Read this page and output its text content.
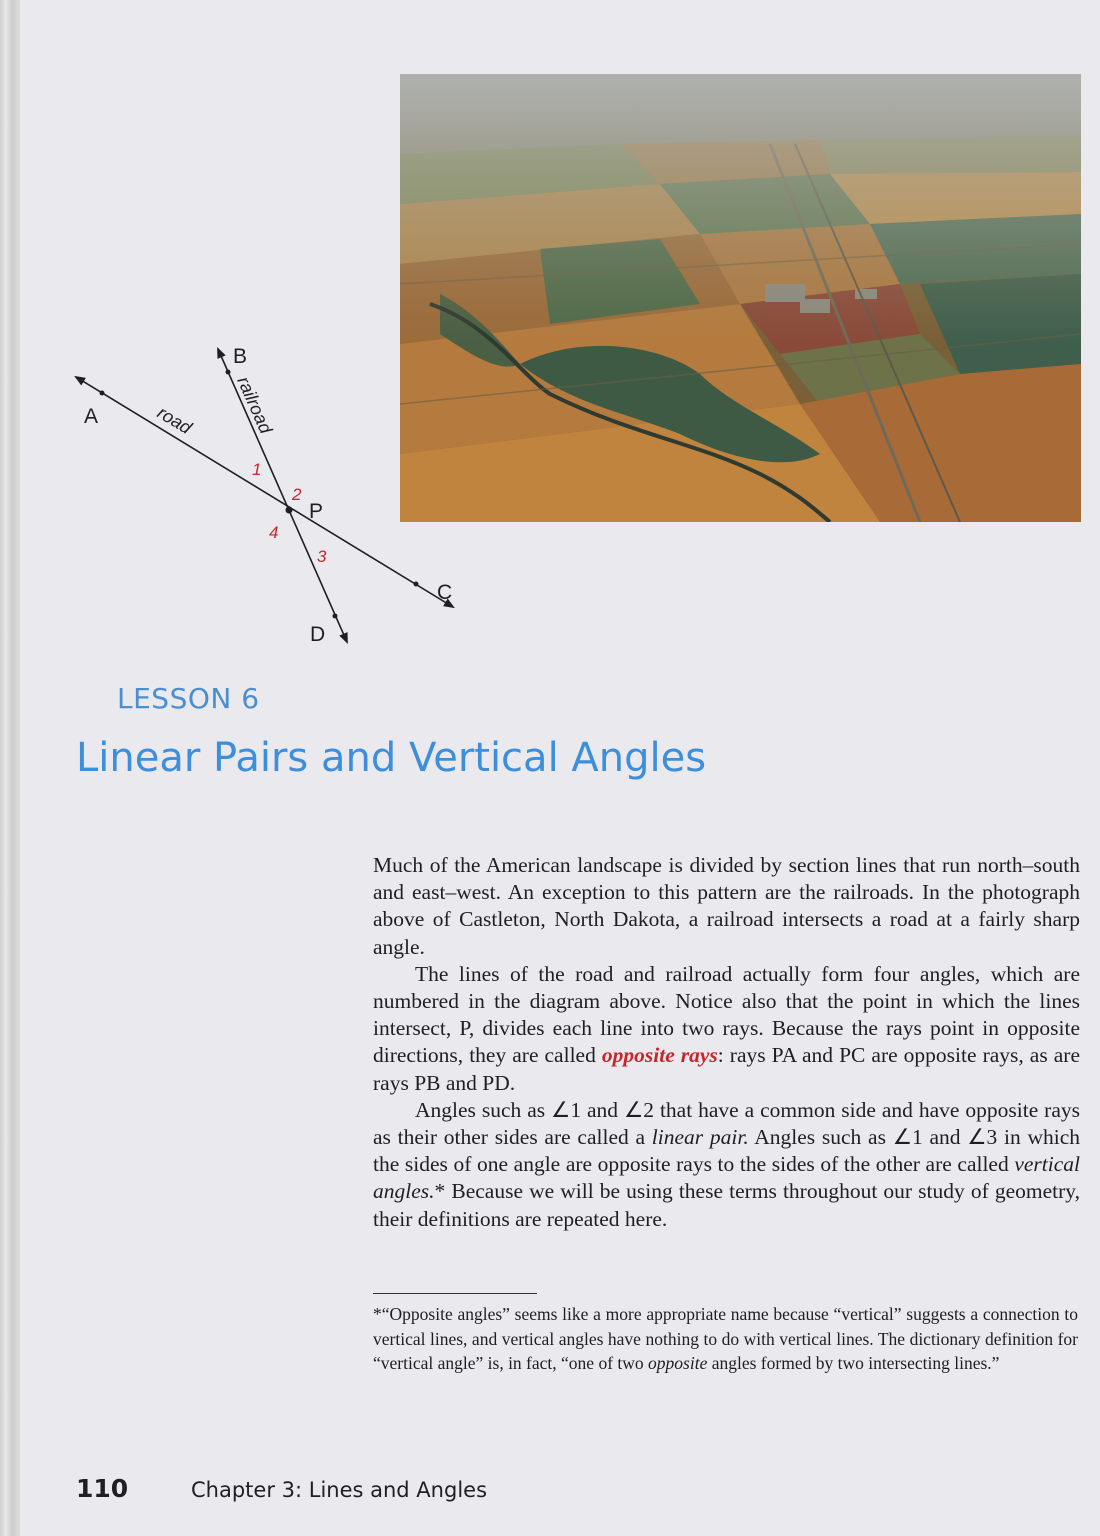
A
B
C
D
P
road railroad
1
2
3
4
LESSON 6
Linear Pairs and Vertical Angles

Much of the American landscape is divided by section lines that run north–south and east–west. An exception to this pattern are the railroads. In the photograph above of Castleton, North Dakota, a railroad intersects a road at a fairly sharp angle.

The lines of the road and railroad actually form four angles, which are numbered in the diagram above. Notice also that the point in which the lines intersect, P, divides each line into two rays. Because the rays point in opposite directions, they are called opposite rays: rays PA and PC are opposite rays, as are rays PB and PD.

Angles such as ∠1 and ∠2 that have a common side and have opposite rays as their other sides are called a linear pair. Angles such as ∠1 and ∠3 in which the sides of one angle are opposite rays to the sides of the other are called vertical angles.* Because we will be using these terms throughout our study of geometry, their definitions are repeated here.

*“Opposite angles” seems like a more appropriate name because “vertical” suggests a connection to vertical lines, and vertical angles have nothing to do with vertical lines. The dictionary definition for “vertical angle” is, in fact, “one of two opposite angles formed by two intersecting lines.”

110	Chapter 3: Lines and Angles
